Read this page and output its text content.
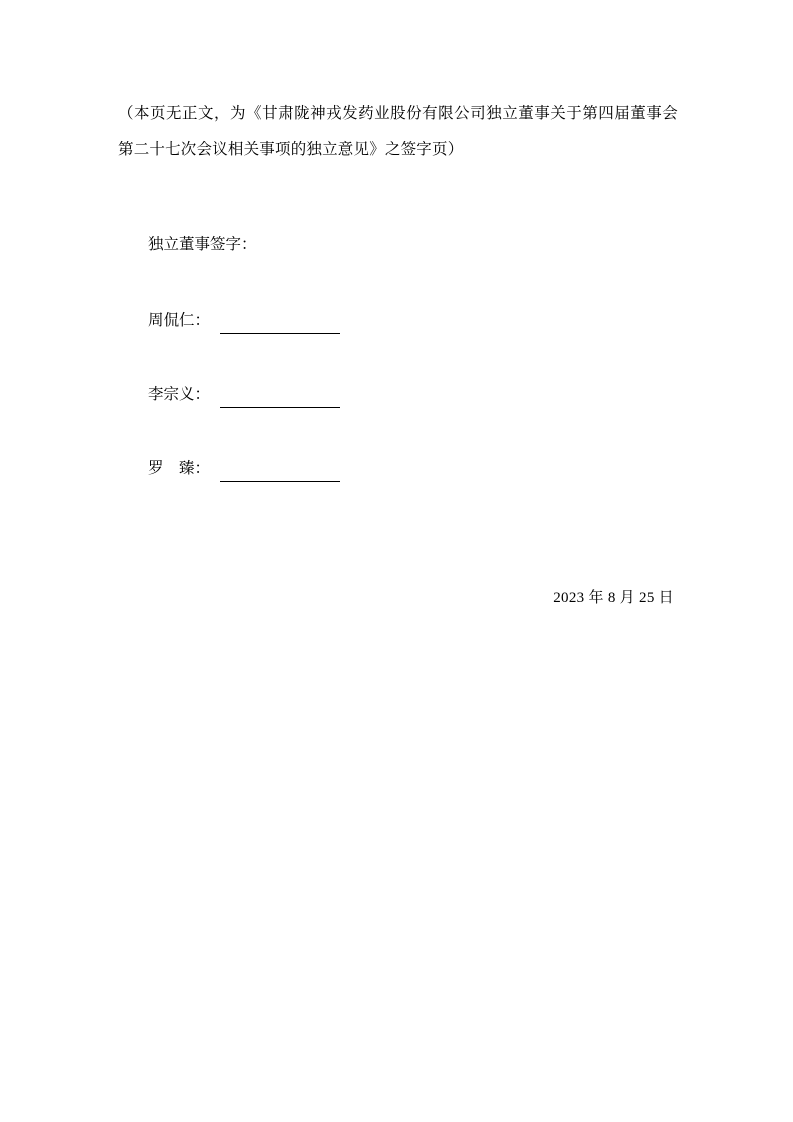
（本页无正文，为《甘肃陇神戎发药业股份有限公司独立董事关于第四届董事会第二十七次会议相关事项的独立意见》之签字页）
独立董事签字：
周侃仁：
李宗义：
罗　臻：
2023 年 8 月 25 日
